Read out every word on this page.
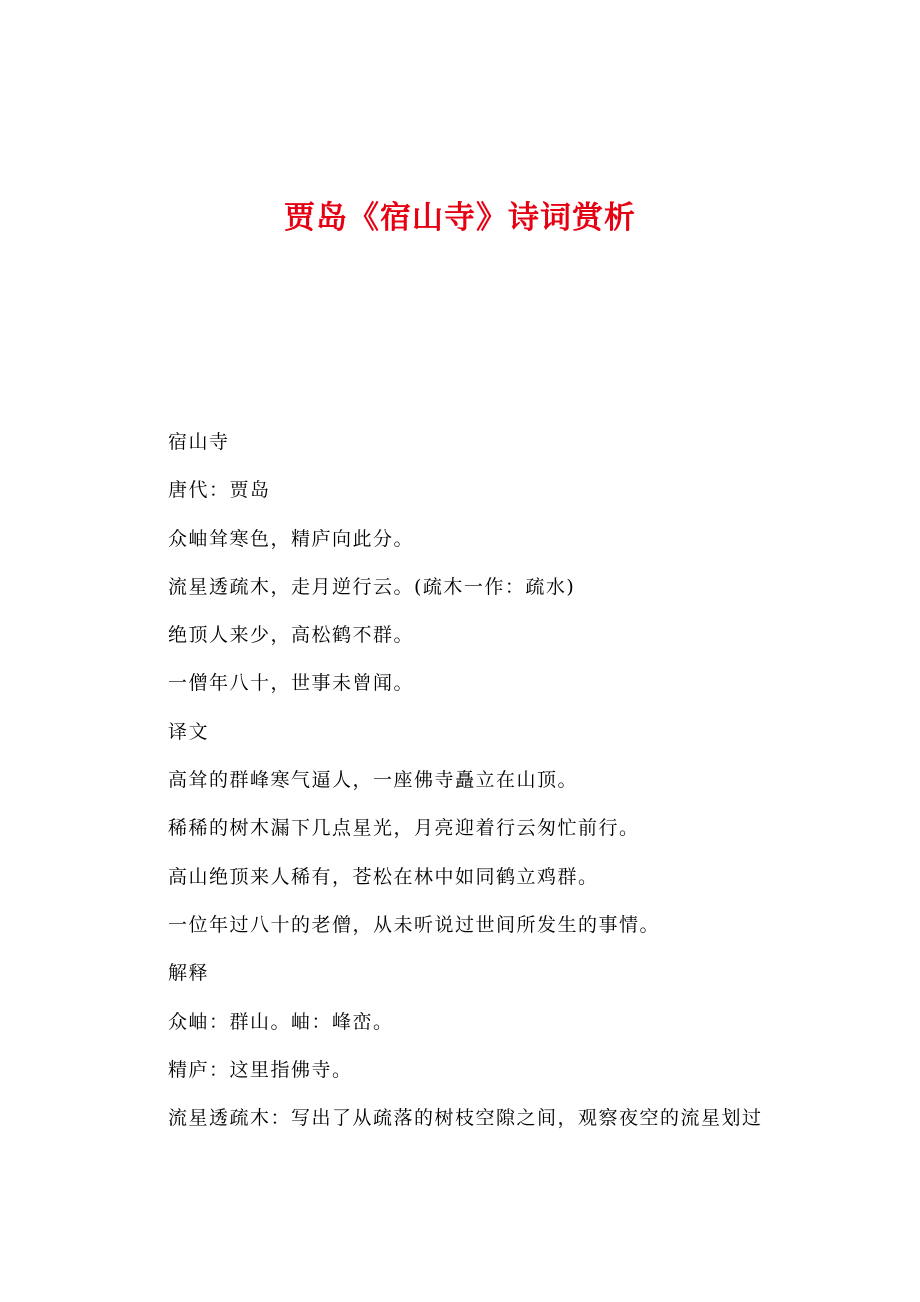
贾岛《宿山寺》诗词赏析

宿山寺

唐代：贾岛

众岫耸寒色，精庐向此分。

流星透疏木，走月逆行云。(疏木一作：疏水)

绝顶人来少，高松鹤不群。

一僧年八十，世事未曾闻。

译文

高耸的群峰寒气逼人，一座佛寺矗立在山顶。

稀稀的树木漏下几点星光，月亮迎着行云匆忙前行。

高山绝顶来人稀有，苍松在林中如同鹤立鸡群。

一位年过八十的老僧，从未听说过世间所发生的事情。

解释

众岫：群山。岫：峰峦。

精庐：这里指佛寺。

流星透疏木：写出了从疏落的树枝空隙之间，观察夜空的流星划过
